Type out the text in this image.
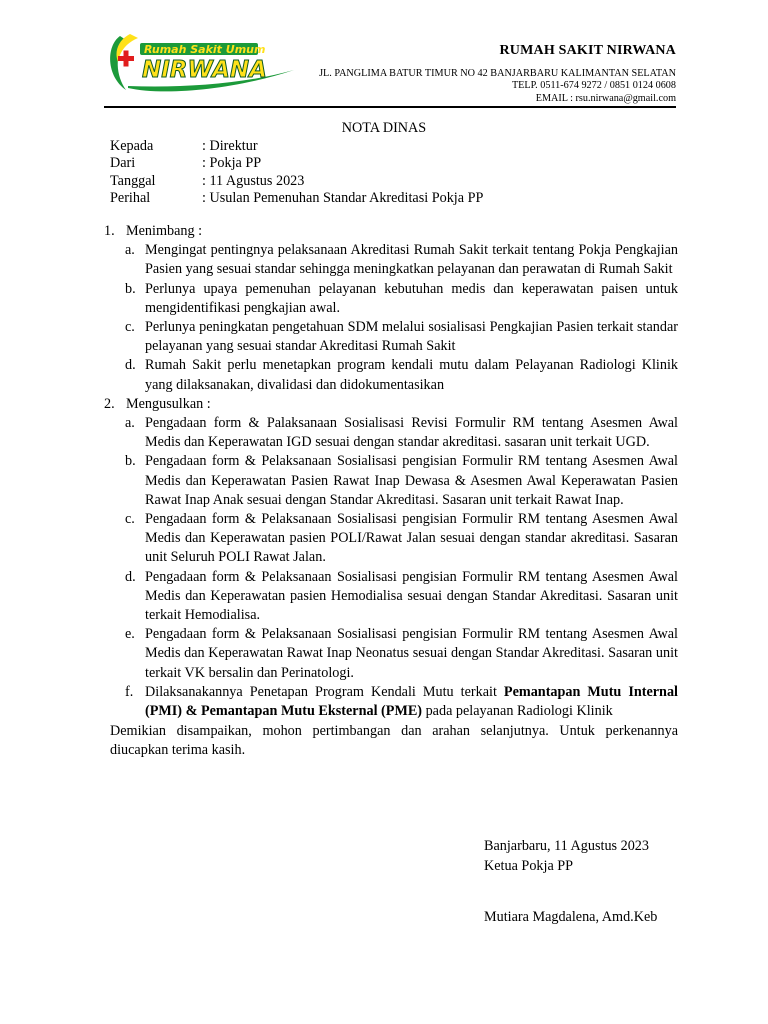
Rumah Sakit Umum
NIRWANA
RUMAH SAKIT NIRWANA
JL. PANGLIMA BATUR TIMUR NO 42 BANJARBARU KALIMANTAN SELATAN
TELP. 0511-674 9272 / 0851 0124 0608
EMAIL : rsu.nirwana@gmail.com
NOTA DINAS
Kepada	: Direktur
Dari	: Pokja PP
Tanggal	: 11 Agustus 2023
Perihal	: Usulan Pemenuhan Standar Akreditasi Pokja PP
1. Menimbang :
a. Mengingat pentingnya pelaksanaan Akreditasi Rumah Sakit terkait tentang Pokja Pengkajian Pasien yang sesuai standar sehingga meningkatkan pelayanan dan perawatan di Rumah Sakit
b. Perlunya upaya pemenuhan pelayanan kebutuhan medis dan keperawatan paisen untuk mengidentifikasi pengkajian awal.
c. Perlunya peningkatan pengetahuan SDM melalui sosialisasi Pengkajian Pasien terkait standar pelayanan yang sesuai standar Akreditasi Rumah Sakit
d. Rumah Sakit perlu menetapkan program kendali mutu dalam Pelayanan Radiologi Klinik yang dilaksanakan, divalidasi dan didokumentasikan
2. Mengusulkan :
a. Pengadaan form & Palaksanaan Sosialisasi Revisi Formulir RM tentang Asesmen Awal Medis dan Keperawatan IGD sesuai dengan standar akreditasi. sasaran unit terkait UGD.
b. Pengadaan form & Pelaksanaan Sosialisasi pengisian Formulir RM tentang Asesmen Awal Medis dan Keperawatan Pasien Rawat Inap Dewasa & Asesmen Awal Keperawatan Pasien Rawat Inap Anak sesuai dengan Standar Akreditasi. Sasaran unit terkait Rawat Inap.
c. Pengadaan form & Pelaksanaan Sosialisasi pengisian Formulir RM tentang Asesmen Awal Medis dan Keperawatan pasien POLI/Rawat Jalan sesuai dengan standar akreditasi. Sasaran unit Seluruh POLI Rawat Jalan.
d. Pengadaan form & Pelaksanaan Sosialisasi pengisian Formulir RM tentang Asesmen Awal Medis dan Keperawatan pasien Hemodialisa sesuai dengan Standar Akreditasi. Sasaran unit terkait Hemodialisa.
e. Pengadaan form & Pelaksanaan Sosialisasi pengisian Formulir RM tentang Asesmen Awal Medis dan Keperawatan Rawat Inap Neonatus sesuai dengan Standar Akreditasi. Sasaran unit terkait VK bersalin dan Perinatologi.
f. Dilaksanakannya Penetapan Program Kendali Mutu terkait Pemantapan Mutu Internal (PMI) & Pemantapan Mutu Eksternal (PME) pada pelayanan Radiologi Klinik
Demikian disampaikan, mohon pertimbangan dan arahan selanjutnya. Untuk perkenannya diucapkan terima kasih.
Banjarbaru, 11 Agustus 2023
Ketua Pokja PP
Mutiara Magdalena, Amd.Keb
